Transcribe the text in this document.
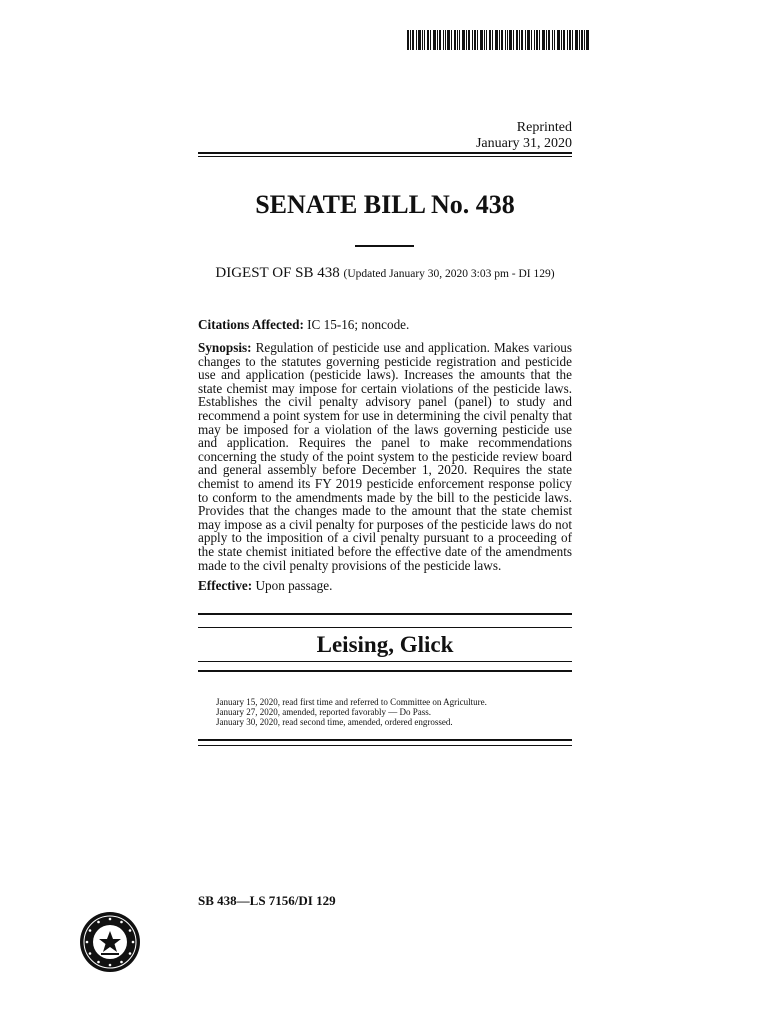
Reprinted
January 31, 2020
SENATE BILL No. 438
DIGEST OF SB 438 (Updated January 30, 2020 3:03 pm - DI 129)
Citations Affected: IC 15-16; noncode.
Synopsis: Regulation of pesticide use and application. Makes various changes to the statutes governing pesticide registration and pesticide use and application (pesticide laws). Increases the amounts that the state chemist may impose for certain violations of the pesticide laws. Establishes the civil penalty advisory panel (panel) to study and recommend a point system for use in determining the civil penalty that may be imposed for a violation of the laws governing pesticide use and application. Requires the panel to make recommendations concerning the study of the point system to the pesticide review board and general assembly before December 1, 2020. Requires the state chemist to amend its FY 2019 pesticide enforcement response policy to conform to the amendments made by the bill to the pesticide laws. Provides that the changes made to the amount that the state chemist may impose as a civil penalty for purposes of the pesticide laws do not apply to the imposition of a civil penalty pursuant to a proceeding of the state chemist initiated before the effective date of the amendments made to the civil penalty provisions of the pesticide laws.
Effective: Upon passage.
Leising, Glick
January 15, 2020, read first time and referred to Committee on Agriculture.
January 27, 2020, amended, reported favorably — Do Pass.
January 30, 2020, read second time, amended, ordered engrossed.
SB 438—LS 7156/DI 129
